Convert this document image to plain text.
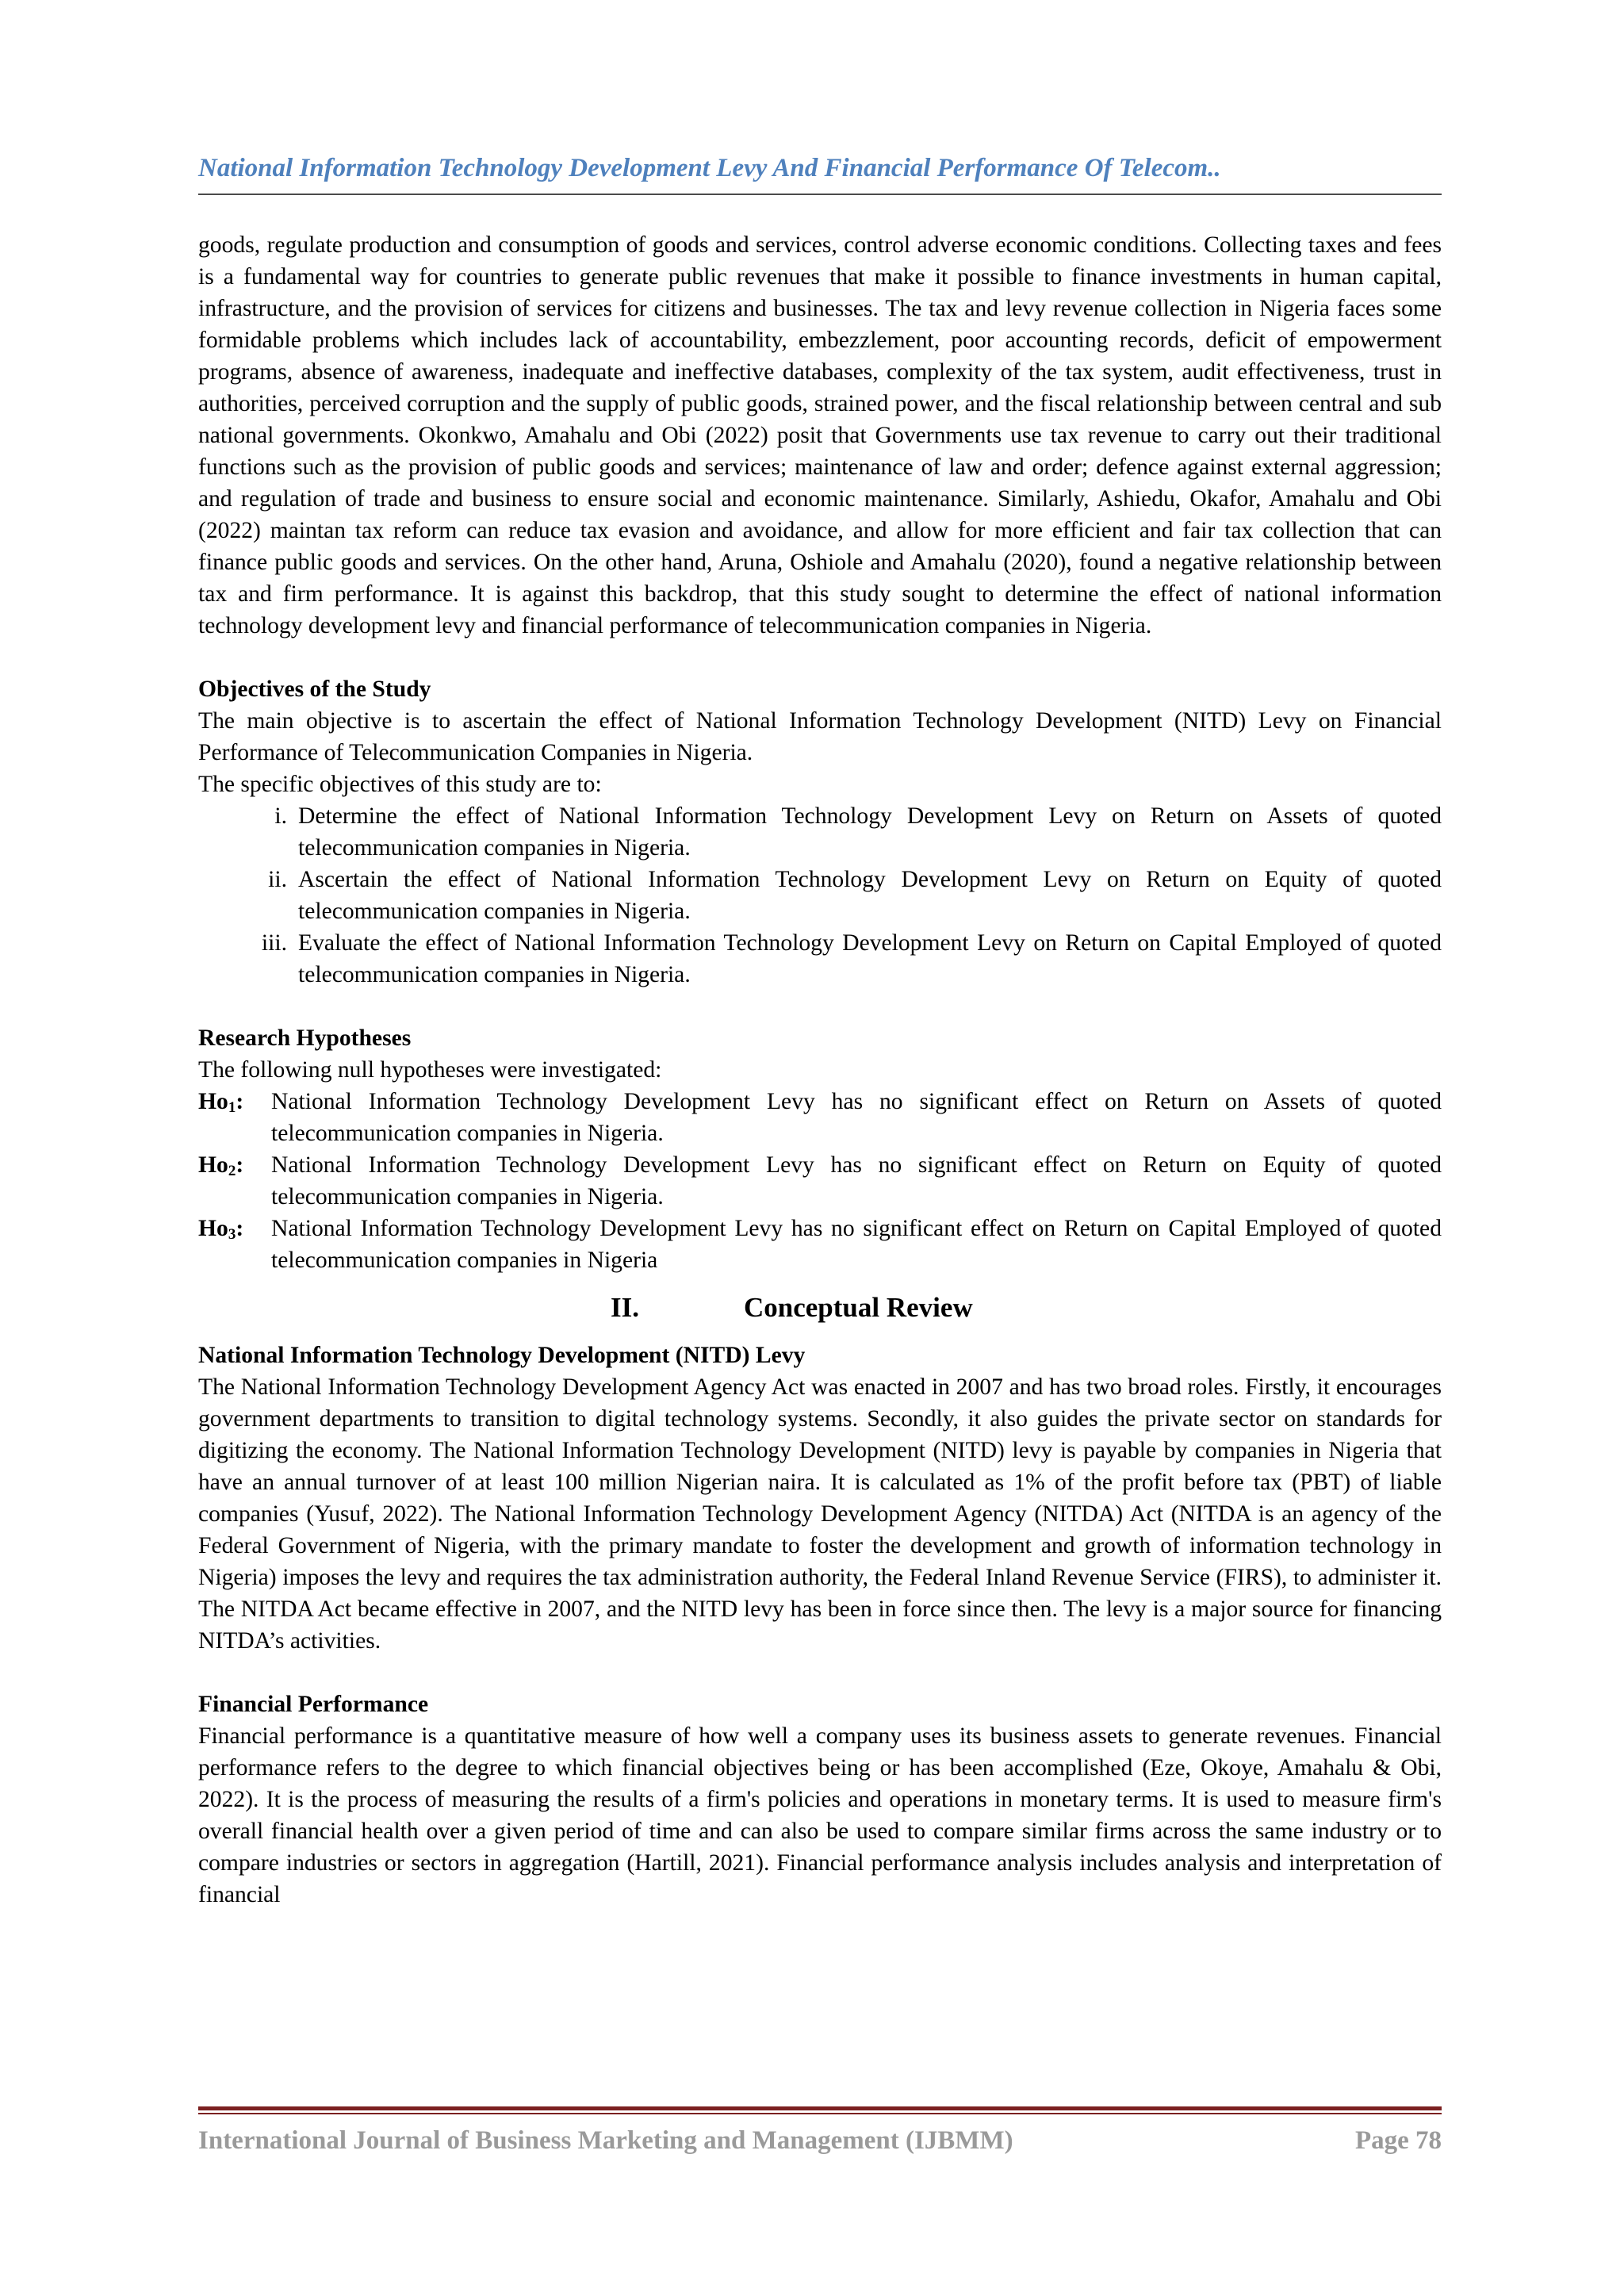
National Information Technology Development Levy And Financial Performance Of Telecom..

goods, regulate production and consumption of goods and services, control adverse economic conditions. Collecting taxes and fees is a fundamental way for countries to generate public revenues that make it possible to finance investments in human capital, infrastructure, and the provision of services for citizens and businesses. The tax and levy revenue collection in Nigeria faces some formidable problems which includes lack of accountability, embezzlement, poor accounting records, deficit of empowerment programs, absence of awareness, inadequate and ineffective databases, complexity of the tax system, audit effectiveness, trust in authorities, perceived corruption and the supply of public goods, strained power, and the fiscal relationship between central and sub national governments. Okonkwo, Amahalu and Obi (2022) posit that Governments use tax revenue to carry out their traditional functions such as the provision of public goods and services; maintenance of law and order; defence against external aggression; and regulation of trade and business to ensure social and economic maintenance. Similarly, Ashiedu, Okafor, Amahalu and Obi (2022) maintan tax reform can reduce tax evasion and avoidance, and allow for more efficient and fair tax collection that can finance public goods and services. On the other hand, Aruna, Oshiole and Amahalu (2020), found a negative relationship between tax and firm performance. It is against this backdrop, that this study sought to determine the effect of national information technology development levy and financial performance of telecommunication companies in Nigeria.

Objectives of the Study

The main objective is to ascertain the effect of National Information Technology Development (NITD) Levy on Financial Performance of Telecommunication Companies in Nigeria.

The specific objectives of this study are to:

i. Determine the effect of National Information Technology Development Levy on Return on Assets of quoted telecommunication companies in Nigeria.
ii. Ascertain the effect of National Information Technology Development Levy on Return on Equity of quoted telecommunication companies in Nigeria.
iii. Evaluate the effect of National Information Technology Development Levy on Return on Capital Employed of quoted telecommunication companies in Nigeria.
Research Hypotheses

The following null hypotheses were investigated:

$Ho_1$: National Information Technology Development Levy has no significant effect on Return on Assets of quoted telecommunication companies in Nigeria.
$Ho_2$: National Information Technology Development Levy has no significant effect on Return on Equity of quoted telecommunication companies in Nigeria.
$Ho_3$: National Information Technology Development Levy has no significant effect on Return on Capital Employed of quoted telecommunication companies in Nigeria
II.	Conceptual Review
National Information Technology Development (NITD) Levy

The National Information Technology Development Agency Act was enacted in 2007 and has two broad roles. Firstly, it encourages government departments to transition to digital technology systems. Secondly, it also guides the private sector on standards for digitizing the economy. The National Information Technology Development (NITD) levy is payable by companies in Nigeria that have an annual turnover of at least 100 million Nigerian naira. It is calculated as 1% of the profit before tax (PBT) of liable companies (Yusuf, 2022). The National Information Technology Development Agency (NITDA) Act (NITDA is an agency of the Federal Government of Nigeria, with the primary mandate to foster the development and growth of information technology in Nigeria) imposes the levy and requires the tax administration authority, the Federal Inland Revenue Service (FIRS), to administer it. The NITDA Act became effective in 2007, and the NITD levy has been in force since then. The levy is a major source for financing NITDA’s activities.

Financial Performance

Financial performance is a quantitative measure of how well a company uses its business assets to generate revenues. Financial performance refers to the degree to which financial objectives being or has been accomplished (Eze, Okoye, Amahalu & Obi, 2022). It is the process of measuring the results of a firm's policies and operations in monetary terms. It is used to measure firm's overall financial health over a given period of time and can also be used to compare similar firms across the same industry or to compare industries or sectors in aggregation (Hartill, 2021). Financial performance analysis includes analysis and interpretation of financial

International Journal of Business Marketing and Management (IJBMM)	Page 78
